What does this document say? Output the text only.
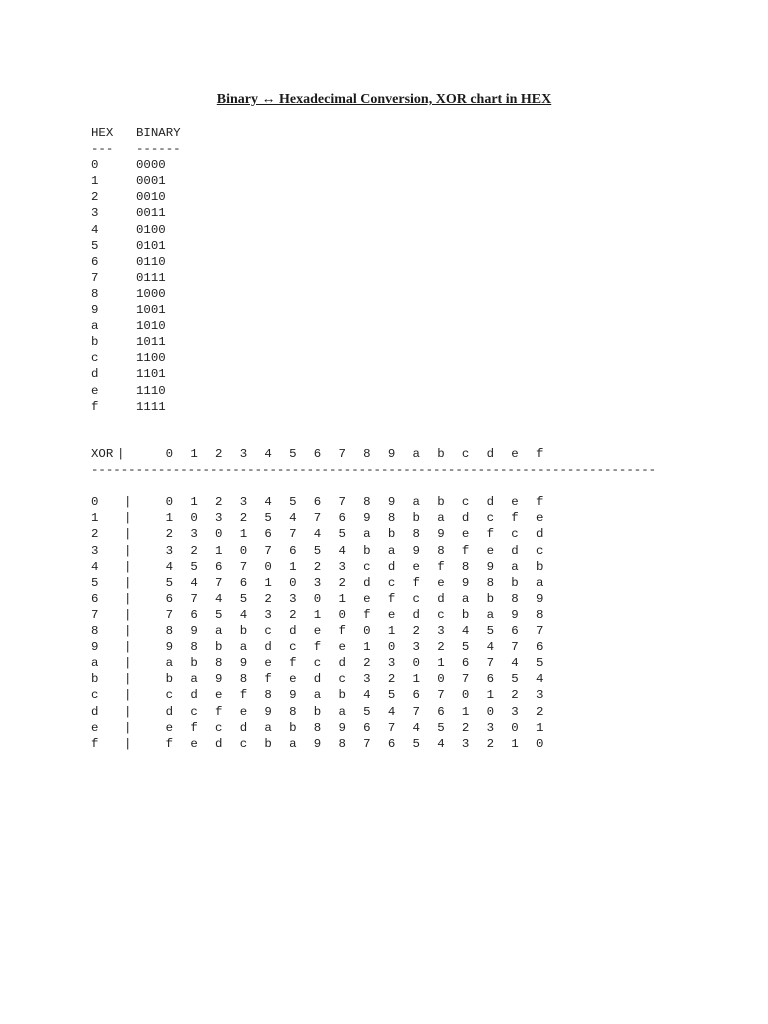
Binary ↔ Hexadecimal Conversion, XOR chart in HEX
HEX	BINARY
---	------
0	0000
1	0001
2	0010
3	0011
4	0100
5	0101
6	0110
7	0111
8	1000
9	1001
a	1010
b	1011
c	1100
d	1101
e	1110
f	1111
XOR |	0	1	2	3	4	5	6	7	8	9	a	b	c	d	e	f
----------------------------------------------------------------------------
0	|	0	1	2	3	4	5	6	7	8	9	a	b	c	d	e	f
1	|	1	0	3	2	5	4	7	6	9	8	b	a	d	c	f	e
2	|	2	3	0	1	6	7	4	5	a	b	8	9	e	f	c	d
3	|	3	2	1	0	7	6	5	4	b	a	9	8	f	e	d	c
4	|	4	5	6	7	0	1	2	3	c	d	e	f	8	9	a	b
5	|	5	4	7	6	1	0	3	2	d	c	f	e	9	8	b	a
6	|	6	7	4	5	2	3	0	1	e	f	c	d	a	b	8	9
7	|	7	6	5	4	3	2	1	0	f	e	d	c	b	a	9	8
8	|	8	9	a	b	c	d	e	f	0	1	2	3	4	5	6	7
9	|	9	8	b	a	d	c	f	e	1	0	3	2	5	4	7	6
a	|	a	b	8	9	e	f	c	d	2	3	0	1	6	7	4	5
b	|	b	a	9	8	f	e	d	c	3	2	1	0	7	6	5	4
c	|	c	d	e	f	8	9	a	b	4	5	6	7	0	1	2	3
d	|	d	c	f	e	9	8	b	a	5	4	7	6	1	0	3	2
e	|	e	f	c	d	a	b	8	9	6	7	4	5	2	3	0	1
f	|	f	e	d	c	b	a	9	8	7	6	5	4	3	2	1	0
